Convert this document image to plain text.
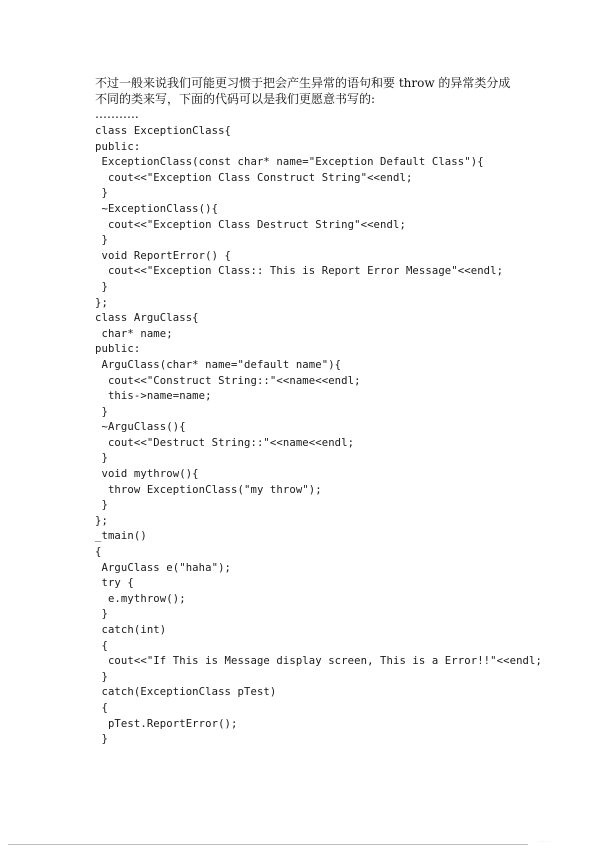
不过一般来说我们可能更习惯于把会产生异常的语句和要 throw 的异常类分成
不同的类来写，下面的代码可以是我们更愿意书写的:
………..
class ExceptionClass{
public:
ExceptionClass(const char* name="Exception Default Class"){
cout<<"Exception Class Construct String"<<endl;
}
~ExceptionClass(){
cout<<"Exception Class Destruct String"<<endl;
}
void ReportError() {
cout<<"Exception Class:: This is Report Error Message"<<endl;
}
};
class ArguClass{
char* name;
public:
ArguClass(char* name="default name"){
cout<<"Construct String::"<<name<<endl;
this->name=name;
}
~ArguClass(){
cout<<"Destruct String::"<<name<<endl;
}
void mythrow(){
throw ExceptionClass("my throw");
}
};
_tmain()
{
ArguClass e("haha");
try {
e.mythrow();
}
catch(int)
{
cout<<"If This is Message display screen, This is a Error!!"<<endl;
}
catch(ExceptionClass pTest)
{
pTest.ReportError();
}
·····
